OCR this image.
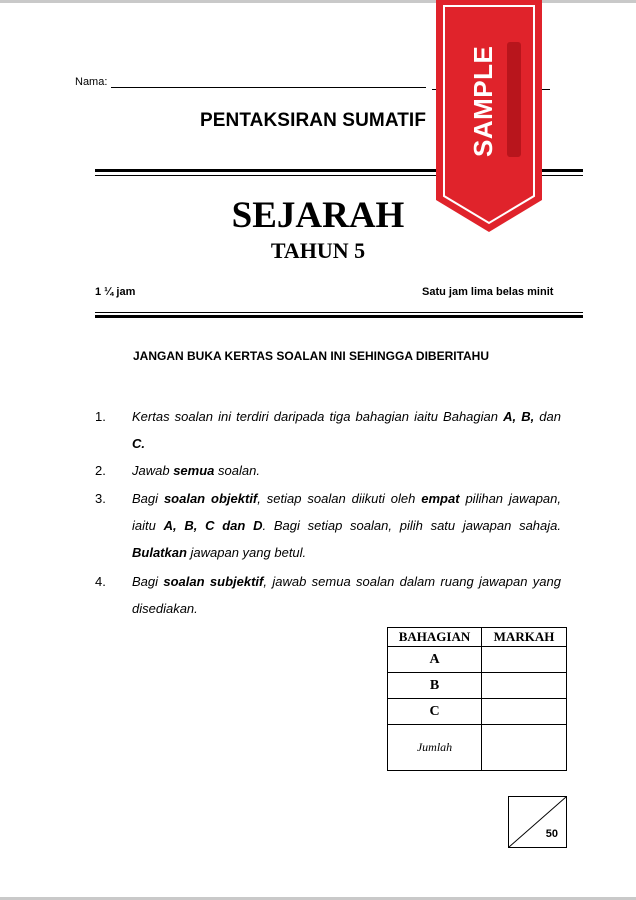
Nama:
PENTAKSIRAN SUMATIF
SEJARAH
TAHUN 5
1 ¼ jam	Satu jam lima belas minit
JANGAN BUKA KERTAS SOALAN INI SEHINGGA DIBERITAHU
1. Kertas soalan ini terdiri daripada tiga bahagian iaitu Bahagian A, B, dan C.
2. Jawab semua soalan.
3. Bagi soalan objektif, setiap soalan diikuti oleh empat pilihan jawapan, iaitu A, B, C dan D. Bagi setiap soalan, pilih satu jawapan sahaja. Bulatkan jawapan yang betul.
4. Bagi soalan subjektif, jawab semua soalan dalam ruang jawapan yang disediakan.
BAHAGIAN	MARKAH
A	
B	
C	
Jumlah	
50
SAMPLE
